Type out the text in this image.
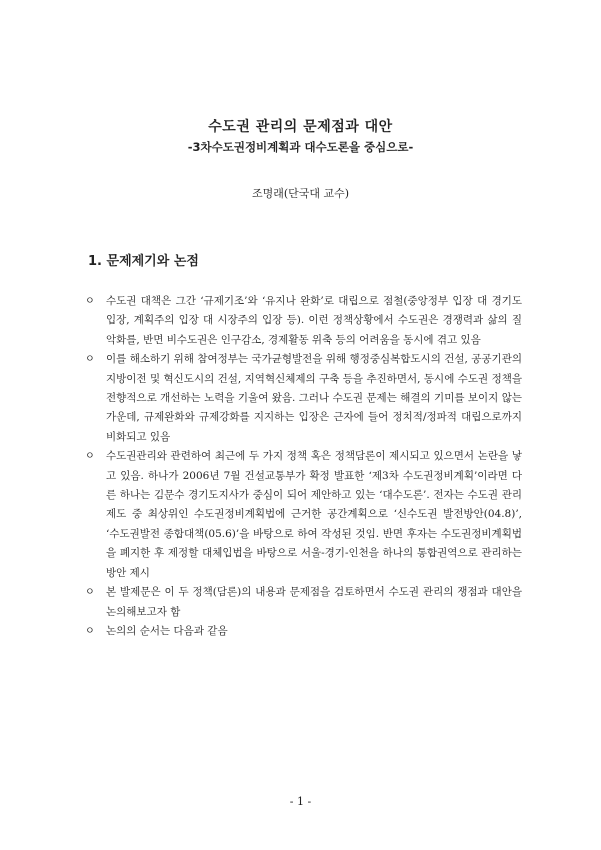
수도권 관리의 문제점과 대안
-3차수도권정비계획과 대수도론을 중심으로-
조명래(단국대 교수)
1. 문제제기와 논점
ㅇ 수도권 대책은 그간 ‘규제기조’와 ‘유지나 완화’로 대립으로 점철(중앙정부 입장 대 경기도 입장, 계획주의 입장 대 시장주의 입장 등). 이런 정책상황에서 수도권은 경쟁력과 삶의 질 악화를, 반면 비수도권은 인구감소, 경제활동 위축 등의 어려움을 동시에 겪고 있음
ㅇ 이를 해소하기 위해 참여정부는 국가균형발전을 위해 행정중심복합도시의 건설, 공공기관의 지방이전 및 혁신도시의 건설, 지역혁신체제의 구축 등을 추진하면서, 동시에 수도권 정책을 전향적으로 개선하는 노력을 기울여 왔음. 그러나 수도권 문제는 해결의 기미를 보이지 않는 가운데, 규제완화와 규제강화를 지지하는 입장은 근자에 들어 정치적/정파적 대립으로까지 비화되고 있음
ㅇ 수도권관리와 관련하여 최근에 두 가지 정책 혹은 정책담론이 제시되고 있으면서 논란을 낳고 있음. 하나가 2006년 7월 건설교통부가 확정 발표한 ‘제3차 수도권정비계획’이라면 다른 하나는 김문수 경기도지사가 중심이 되어 제안하고 있는 ‘대수도론’. 전자는 수도권 관리제도 중 최상위인 수도권정비계획법에 근거한 공간계획으로 ‘신수도권 발전방안(04.8)’, ‘수도권발전 종합대책(05.6)’을 바탕으로 하여 작성된 것임. 반면 후자는 수도권정비계획법을 폐지한 후 제정할 대체입법을 바탕으로 서울-경기-인천을 하나의 통합권역으로 관리하는 방안 제시
ㅇ 본 발제문은 이 두 정책(담론)의 내용과 문제점을 검토하면서 수도권 관리의 쟁점과 대안을 논의해보고자 함
ㅇ 논의의 순서는 다음과 같음
- 1 -
